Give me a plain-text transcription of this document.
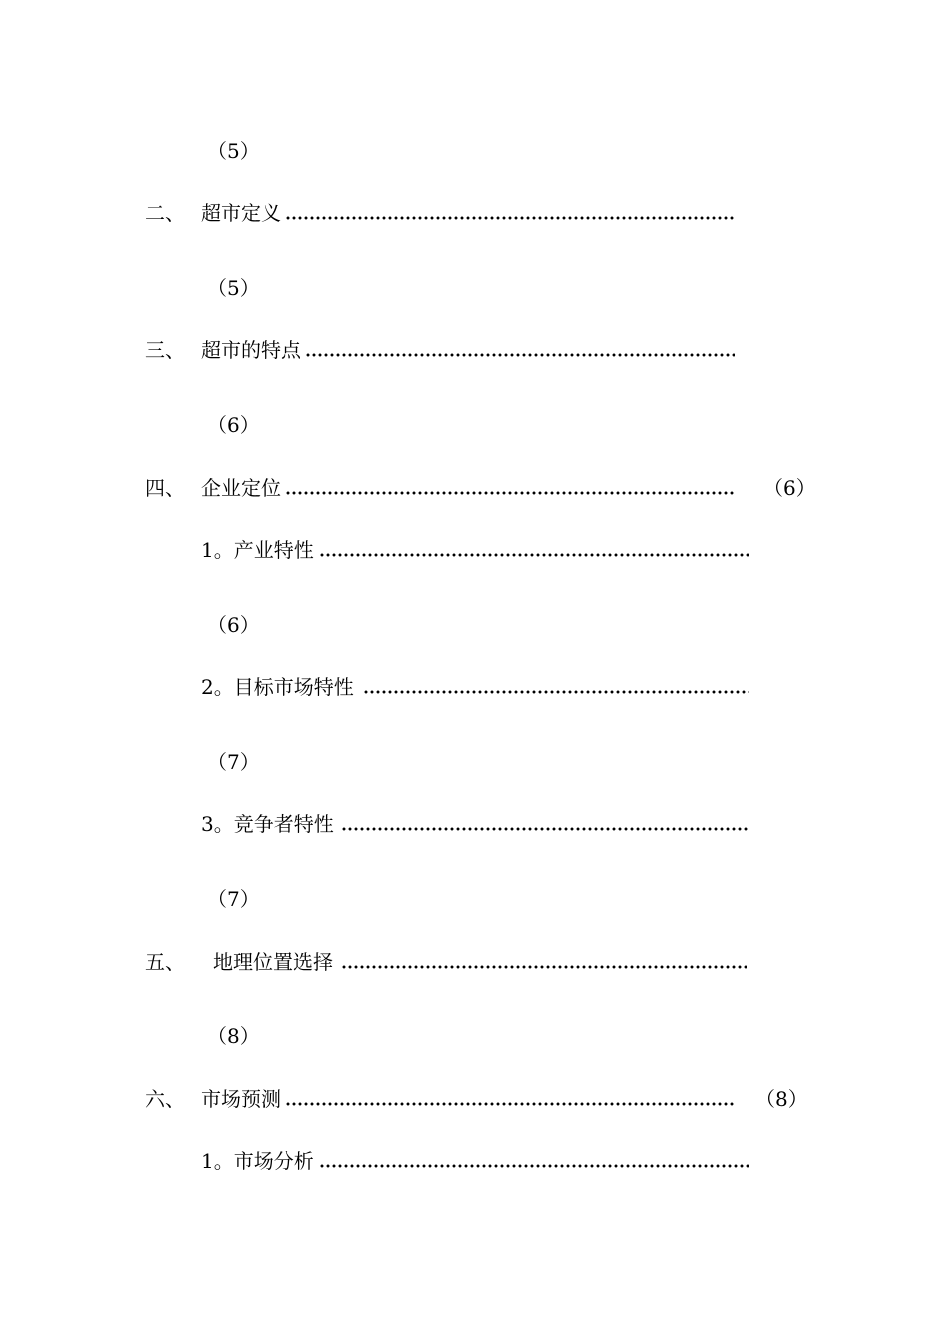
（5）
二、 超市定义
（5）
三、 超市的特点
（6）
四、 企业定位	（6）
1。产业特性
（6）
2。目标市场特性
（7）
3。竞争者特性
（7）
五、 地理位置选择
（8）
六、 市场预测	（8）
1。市场分析
